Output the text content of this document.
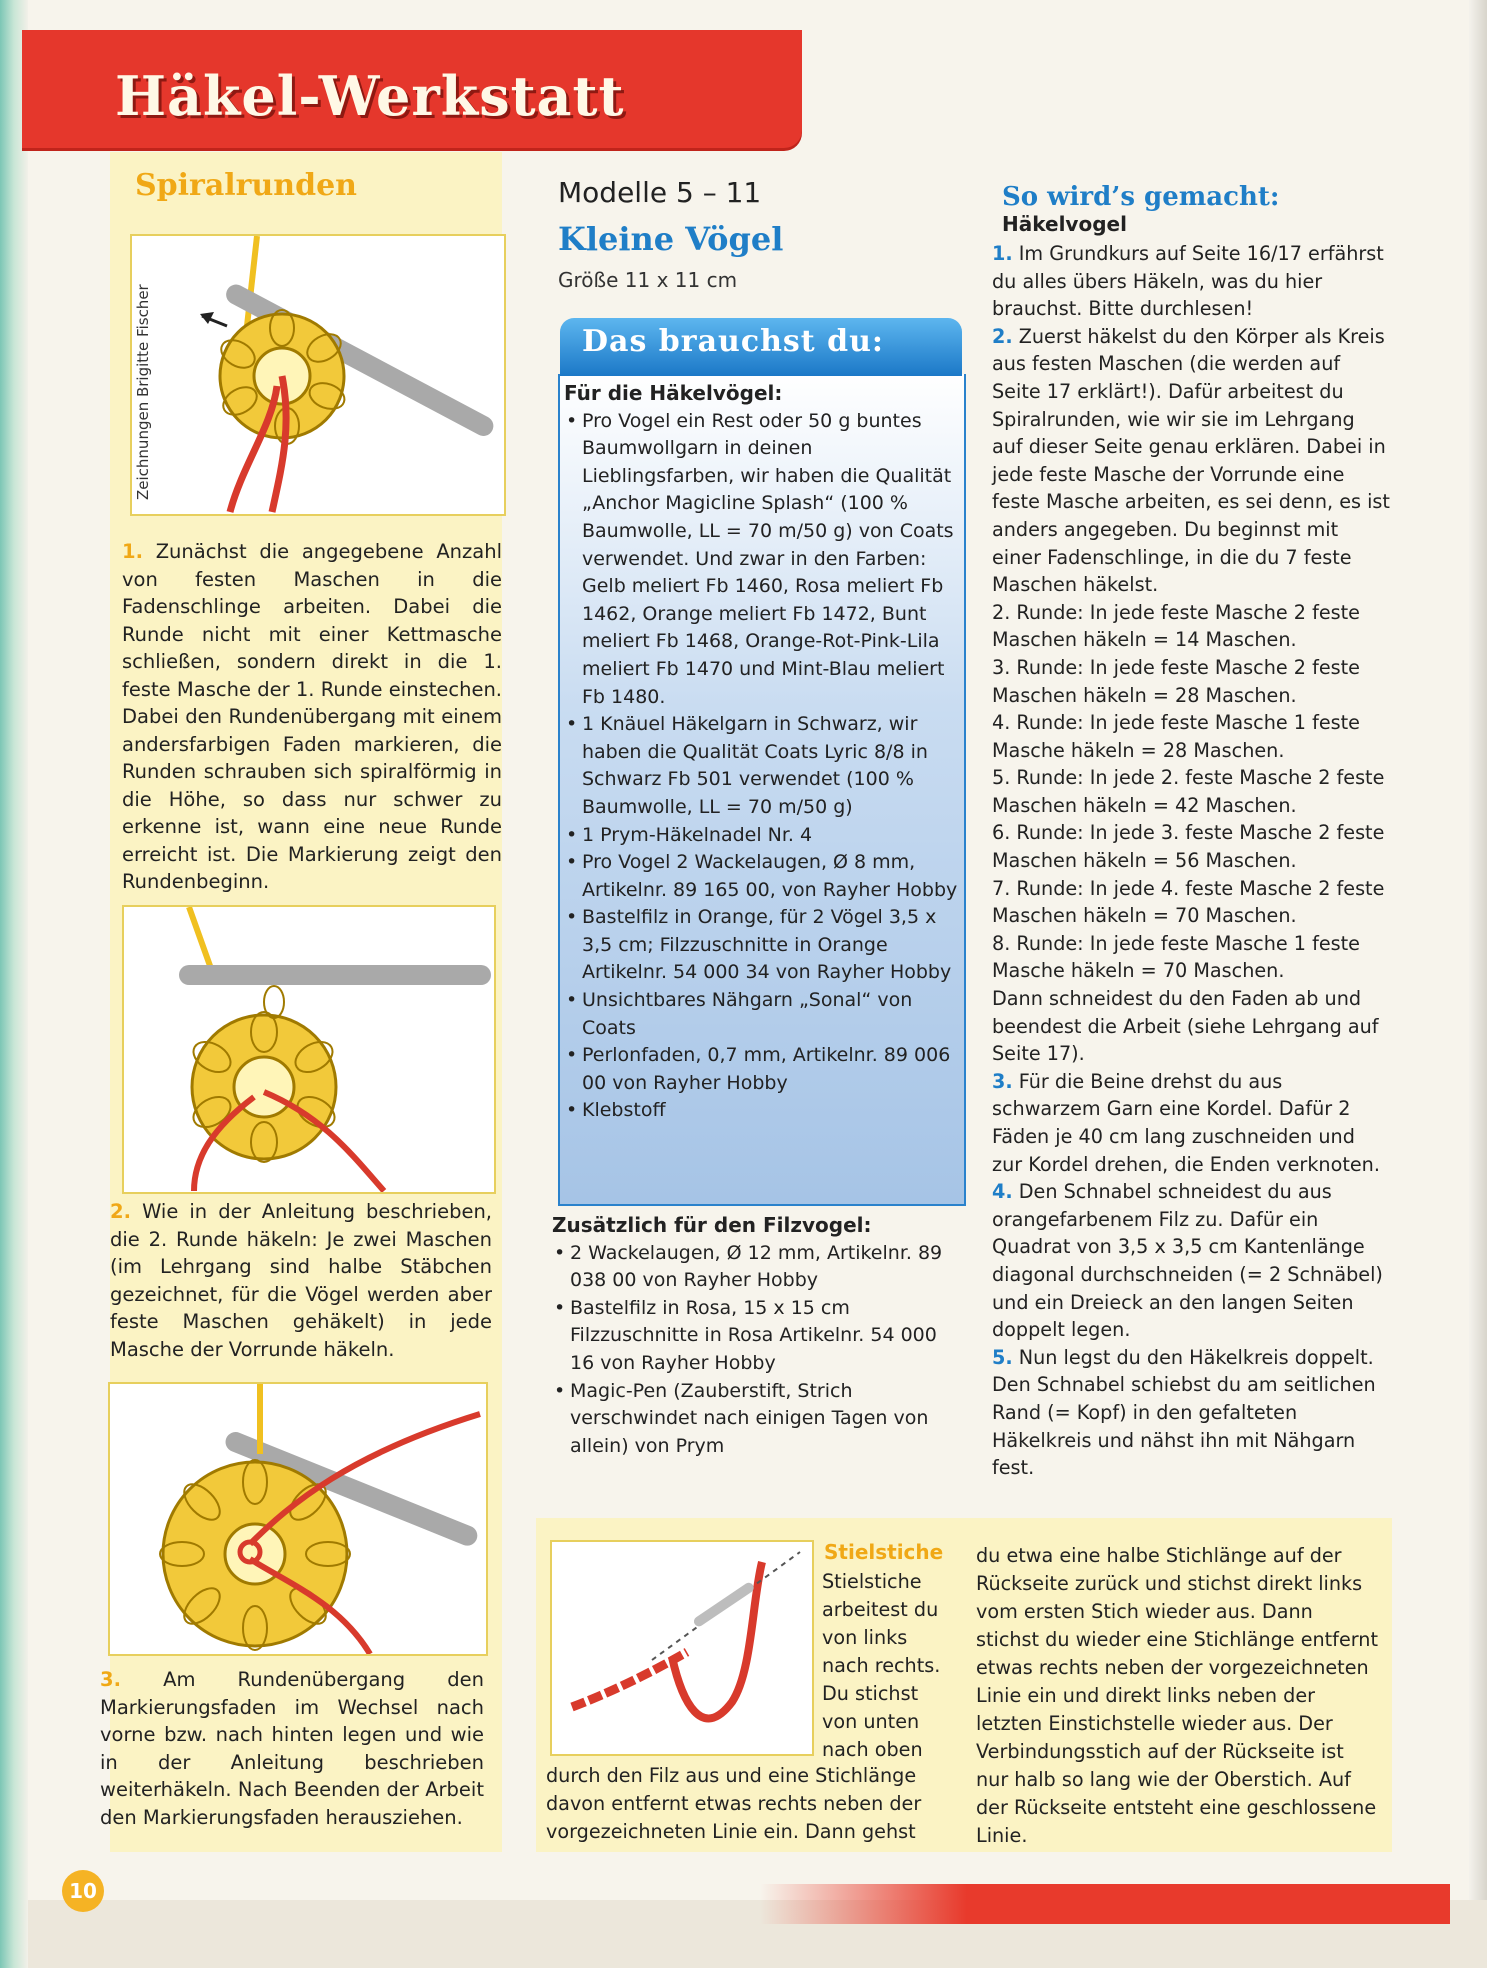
Häkel-Werkstatt
Spiralrunden
Zeichnungen Brigitte Fischer
1. Zunächst die angegebene Anzahl von festen Maschen in die Fadenschlinge arbeiten. Dabei die Runde nicht mit einer Kettmasche schließen, sondern direkt in die 1. feste Masche der 1. Runde einstechen. Dabei den Rundenübergang mit einem andersfarbigen Faden markieren, die Runden schrauben sich spiralförmig in die Höhe, so dass nur schwer zu erkenne ist, wann eine neue Runde erreicht ist. Die Markierung zeigt den Rundenbeginn.
2. Wie in der Anleitung beschrieben, die 2. Runde häkeln: Je zwei Maschen (im Lehrgang sind halbe Stäbchen gezeichnet, für die Vögel werden aber feste Maschen gehäkelt) in jede Masche der Vorrunde häkeln.
3. Am Rundenübergang den Markierungsfaden im Wechsel nach vorne bzw. nach hinten legen und wie in der Anleitung beschrieben weiterhäkeln. Nach Beenden der Arbeit den Markierungsfaden herausziehen.
Modelle 5 – 11
Kleine Vögel
Größe 11 x 11 cm
Das brauchst du:
Für die Häkelvögel:
• Pro Vogel ein Rest oder 50 g buntes Baumwollgarn in deinen Lieblingsfarben, wir haben die Qualität „Anchor Magicline Splash“ (100 % Baumwolle, LL = 70 m/50 g) von Coats verwendet. Und zwar in den Farben: Gelb meliert Fb 1460, Rosa meliert Fb 1462, Orange meliert Fb 1472, Bunt meliert Fb 1468, Orange-Rot-Pink-Lila meliert Fb 1470 und Mint-Blau meliert Fb 1480.
• 1 Knäuel Häkelgarn in Schwarz, wir haben die Qualität Coats Lyric 8/8 in Schwarz Fb 501 verwendet (100 % Baumwolle, LL = 70 m/50 g)
• 1 Prym-Häkelnadel Nr. 4
• Pro Vogel 2 Wackelaugen, Ø 8 mm, Artikelnr. 89 165 00, von Rayher Hobby
• Bastelfilz in Orange, für 2 Vögel 3,5 x 3,5 cm; Filzzuschnitte in Orange Artikelnr. 54 000 34 von Rayher Hobby
• Unsichtbares Nähgarn „Sonal“ von Coats
• Perlonfaden, 0,7 mm, Artikelnr. 89 006 00 von Rayher Hobby
• Klebstoff
Zusätzlich für den Filzvogel:
• 2 Wackelaugen, Ø 12 mm, Artikelnr. 89 038 00 von Rayher Hobby
• Bastelfilz in Rosa, 15 x 15 cm Filzzuschnitte in Rosa Artikelnr. 54 000 16 von Rayher Hobby
• Magic-Pen (Zauberstift, Strich verschwindet nach einigen Tagen von allein) von Prym
So wird’s gemacht:
Häkelvogel
1. Im Grundkurs auf Seite 16/17 erfährst du alles übers Häkeln, was du hier brauchst. Bitte durchlesen!
2. Zuerst häkelst du den Körper als Kreis aus festen Maschen (die werden auf Seite 17 erklärt!). Dafür arbeitest du Spiralrunden, wie wir sie im Lehrgang auf dieser Seite genau erklären. Dabei in jede feste Masche der Vorrunde eine feste Masche arbeiten, es sei denn, es ist anders angegeben. Du beginnst mit einer Fadenschlinge, in die du 7 feste Maschen häkelst.
2. Runde: In jede feste Masche 2 feste Maschen häkeln = 14 Maschen.
3. Runde: In jede feste Masche 2 feste Maschen häkeln = 28 Maschen.
4. Runde: In jede feste Masche 1 feste Masche häkeln = 28 Maschen.
5. Runde: In jede 2. feste Masche 2 feste Maschen häkeln = 42 Maschen.
6. Runde: In jede 3. feste Masche 2 feste Maschen häkeln = 56 Maschen.
7. Runde: In jede 4. feste Masche 2 feste Maschen häkeln = 70 Maschen.
8. Runde: In jede feste Masche 1 feste Masche häkeln = 70 Maschen.
Dann schneidest du den Faden ab und beendest die Arbeit (siehe Lehrgang auf Seite 17).
3. Für die Beine drehst du aus schwarzem Garn eine Kordel. Dafür 2 Fäden je 40 cm lang zuschneiden und zur Kordel drehen, die Enden verknoten.
4. Den Schnabel schneidest du aus orangefarbenem Filz zu. Dafür ein Quadrat von 3,5 x 3,5 cm Kantenlänge diagonal durchschneiden (= 2 Schnäbel) und ein Dreieck an den langen Seiten doppelt legen.
5. Nun legst du den Häkelkreis doppelt. Den Schnabel schiebst du am seitlichen Rand (= Kopf) in den gefalteten Häkelkreis und nähst ihn mit Nähgarn fest.
Stielstiche
Stielstiche arbeitest du von links nach rechts. Du stichst von unten nach oben
durch den Filz aus und eine Stichlänge davon entfernt etwas rechts neben der vorgezeichneten Linie ein. Dann gehst
du etwa eine halbe Stichlänge auf der Rückseite zurück und stichst direkt links vom ersten Stich wieder aus. Dann stichst du wieder eine Stichlänge entfernt etwas rechts neben der vorgezeichneten Linie ein und direkt links neben der letzten Einstichstelle wieder aus. Der Verbindungsstich auf der Rückseite ist nur halb so lang wie der Oberstich. Auf der Rückseite entsteht eine geschlossene Linie.
10
